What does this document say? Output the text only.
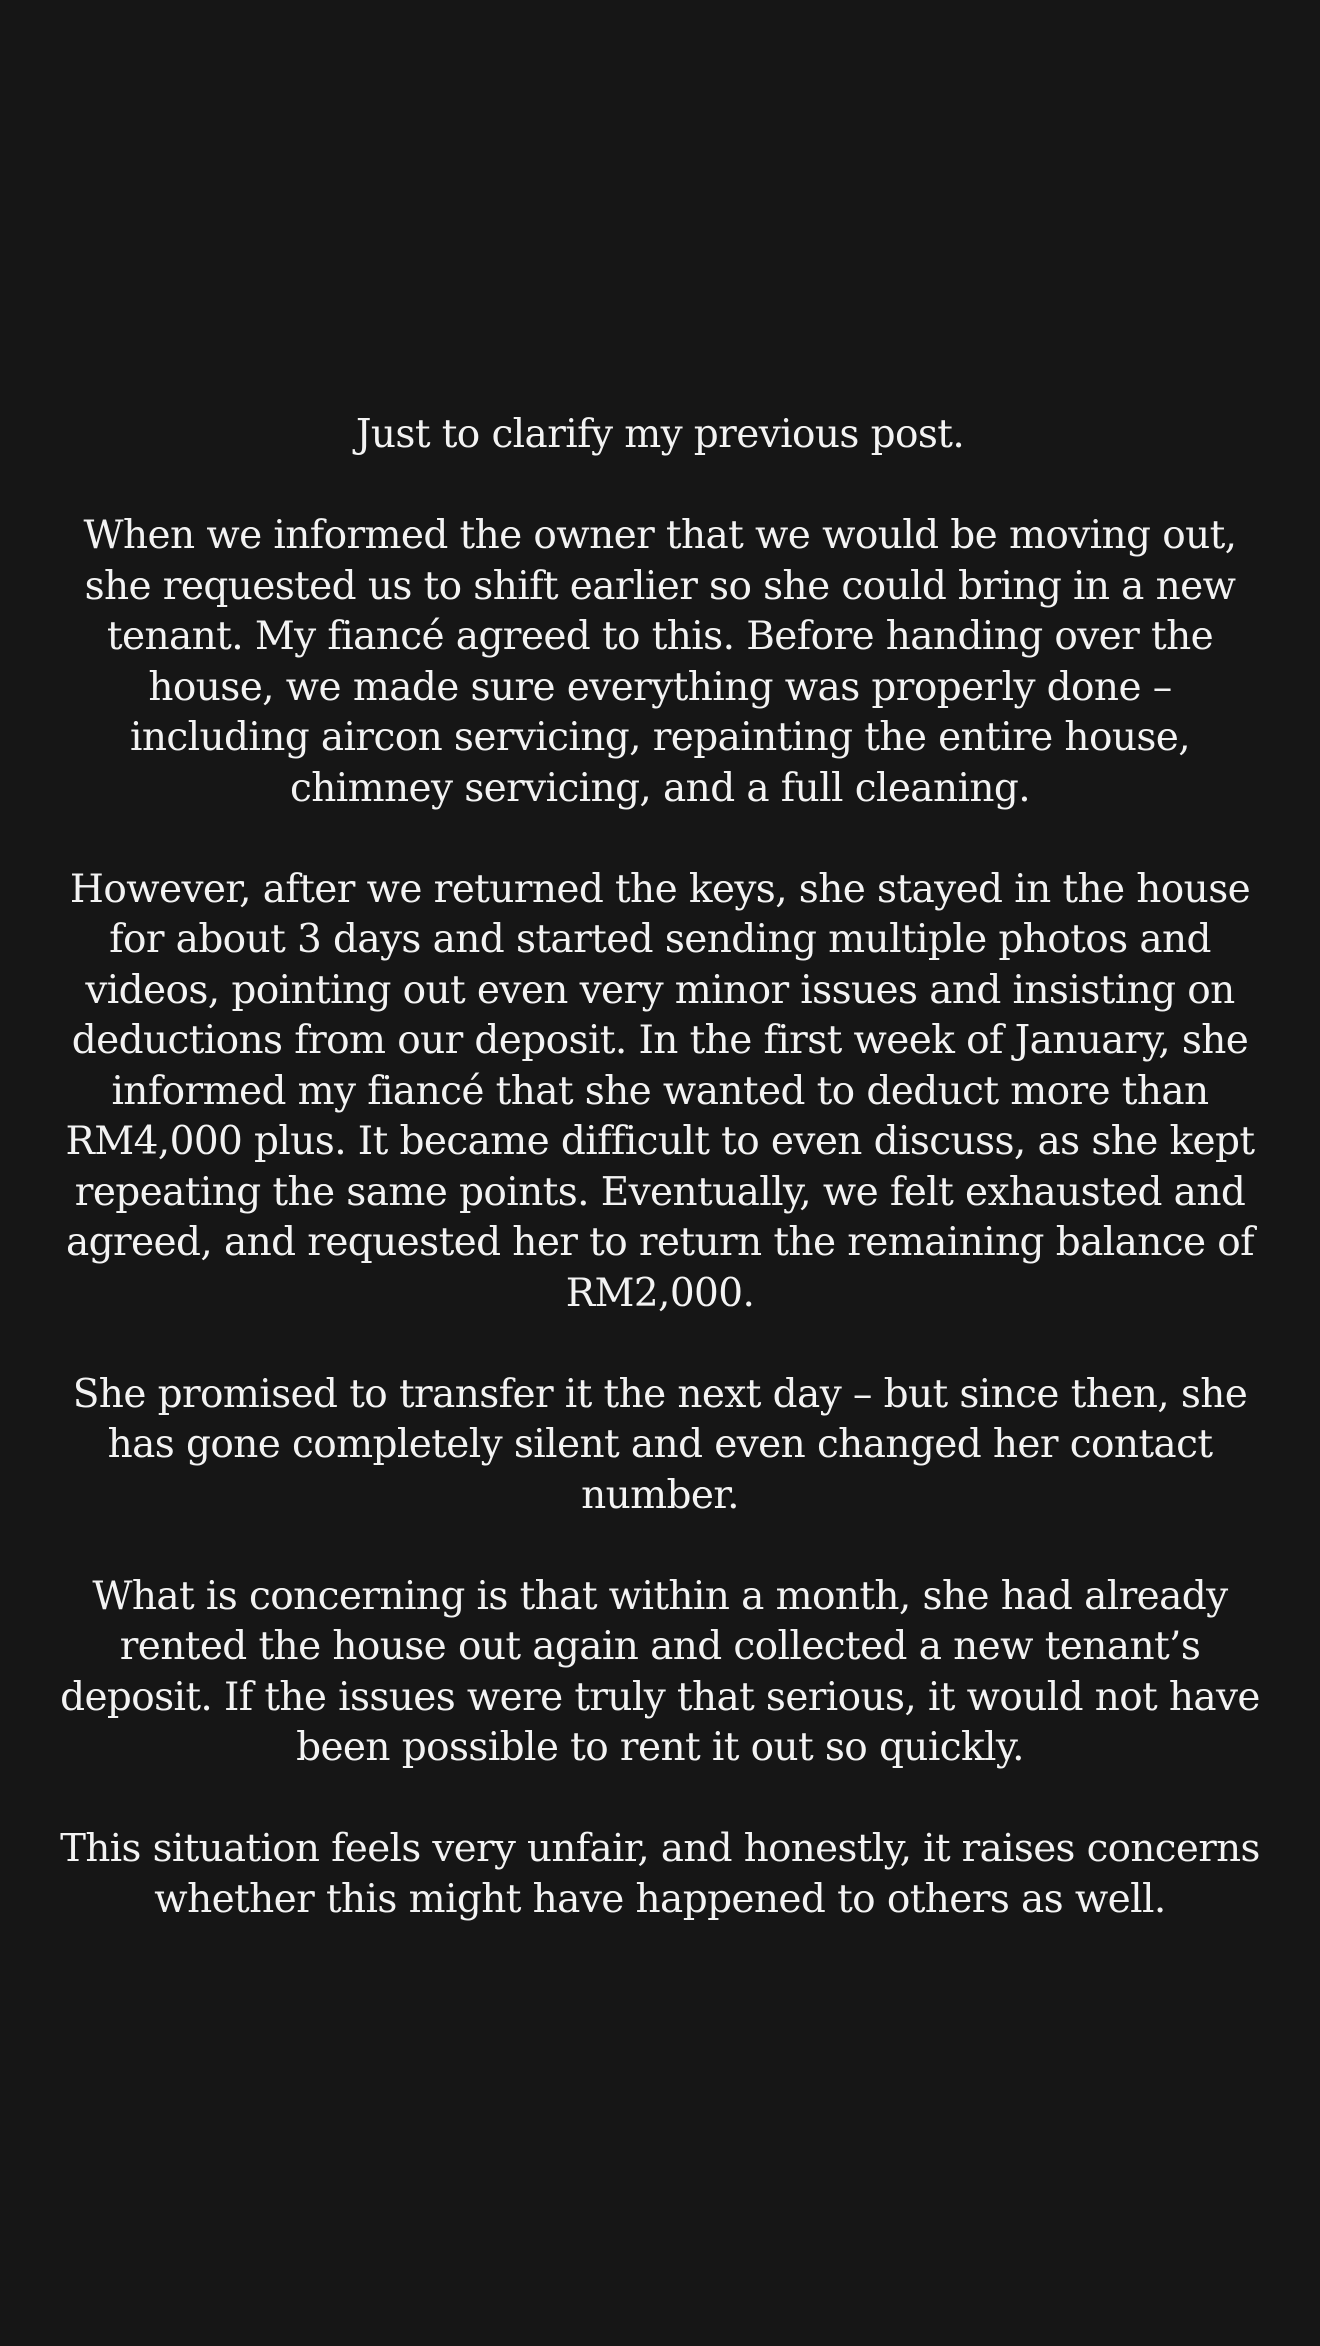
Just to clarify my previous post.

When we informed the owner that we would be moving out,
she requested us to shift earlier so she could bring in a new
tenant. My fiancé agreed to this. Before handing over the
house, we made sure everything was properly done –
including aircon servicing, repainting the entire house,
chimney servicing, and a full cleaning.

However, after we returned the keys, she stayed in the house
for about 3 days and started sending multiple photos and
videos, pointing out even very minor issues and insisting on
deductions from our deposit. In the first week of January, she
informed my fiancé that she wanted to deduct more than
RM4,000 plus. It became difficult to even discuss, as she kept
repeating the same points. Eventually, we felt exhausted and
agreed, and requested her to return the remaining balance of
RM2,000.

She promised to transfer it the next day – but since then, she
has gone completely silent and even changed her contact
number.

What is concerning is that within a month, she had already
rented the house out again and collected a new tenant’s
deposit. If the issues were truly that serious, it would not have
been possible to rent it out so quickly.

This situation feels very unfair, and honestly, it raises concerns
whether this might have happened to others as well.
